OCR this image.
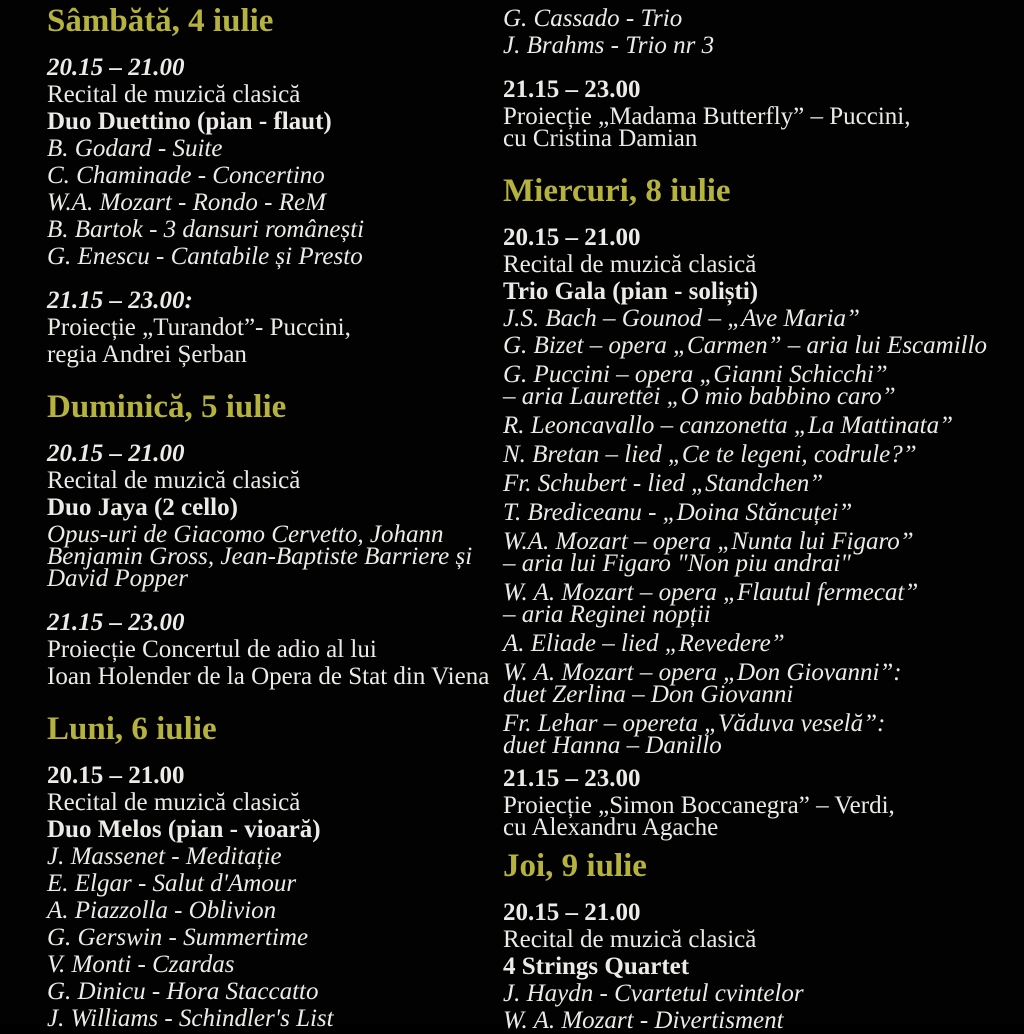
Sâmbătă, 4 iulie
20.15 – 21.00
Recital de muzică clasică
Duo Duettino (pian - flaut)
B. Godard - Suite
C. Chaminade - Concertino
W.A. Mozart - Rondo - ReM
B. Bartok - 3 dansuri românești
G. Enescu - Cantabile și Presto
21.15 – 23.00:
Proiecție „Turandot”- Puccini,
regia Andrei Șerban
Duminică, 5 iulie
20.15 – 21.00
Recital de muzică clasică
Duo Jaya (2 cello)
Opus-uri de Giacomo Cervetto, Johann
Benjamin Gross, Jean-Baptiste Barriere și
David Popper
21.15 – 23.00
Proiecție Concertul de adio al lui
Ioan Holender de la Opera de Stat din Viena
Luni, 6 iulie
20.15 – 21.00
Recital de muzică clasică
Duo Melos (pian - vioară)
J. Massenet - Meditație
E. Elgar - Salut d'Amour
A. Piazzolla - Oblivion
G. Gerswin - Summertime
V. Monti - Czardas
G. Dinicu - Hora Staccatto
J. Williams - Schindler's List
G. Cassado - Trio
J. Brahms - Trio nr 3
21.15 – 23.00
Proiecție „Madama Butterfly” – Puccini,
cu Cristina Damian
Miercuri, 8 iulie
20.15 – 21.00
Recital de muzică clasică
Trio Gala (pian - soliști)
J.S. Bach – Gounod – „Ave Maria”
G. Bizet – opera „Carmen” – aria lui Escamillo
G. Puccini – opera „Gianni Schicchi”
– aria Laurettei „O mio babbino caro”
R. Leoncavallo – canzonetta „La Mattinata”
N. Bretan – lied „Ce te legeni, codrule?”
Fr. Schubert - lied „Standchen”
T. Brediceanu - „Doina Stăncuței”
W.A. Mozart – opera „Nunta lui Figaro”
– aria lui Figaro "Non piu andrai"
W. A. Mozart – opera „Flautul fermecat”
– aria Reginei nopții
A. Eliade – lied „Revedere”
W. A. Mozart – opera „Don Giovanni”:
duet Zerlina – Don Giovanni
Fr. Lehar – opereta „Văduva veselă”:
duet Hanna – Danillo
21.15 – 23.00
Proiecție „Simon Boccanegra” – Verdi,
cu Alexandru Agache
Joi, 9 iulie
20.15 – 21.00
Recital de muzică clasică
4 Strings Quartet
J. Haydn - Cvartetul cvintelor
W. A. Mozart - Divertisment
